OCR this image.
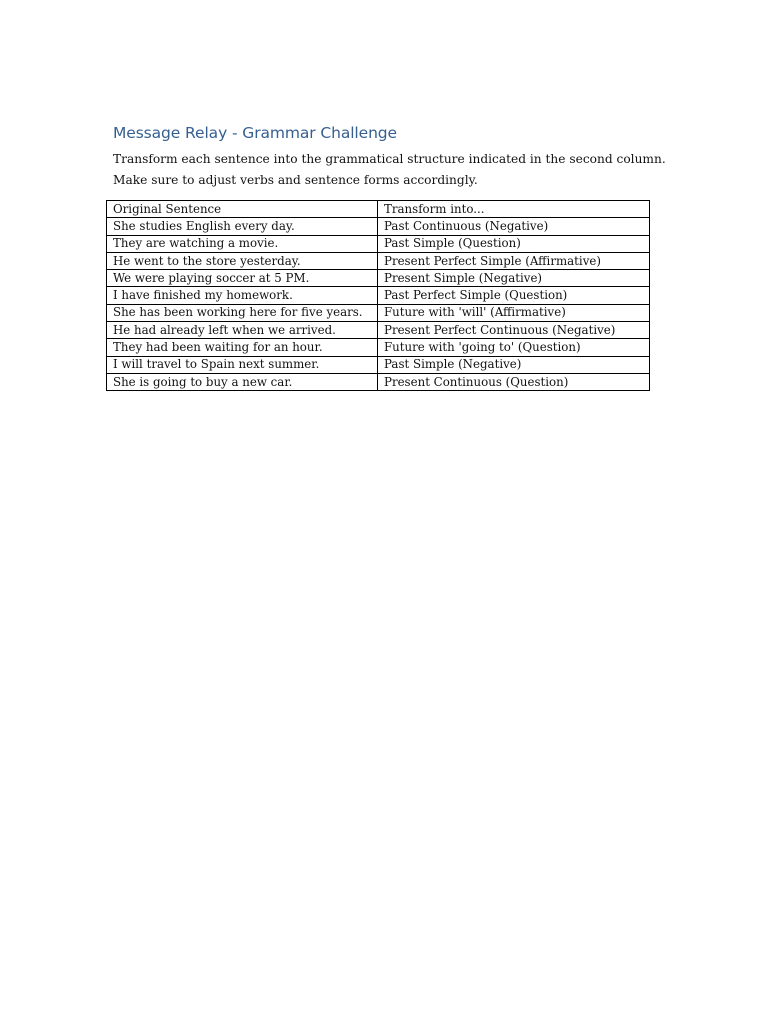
Message Relay - Grammar Challenge

Transform each sentence into the grammatical structure indicated in the second column.

Make sure to adjust verbs and sentence forms accordingly.

Original Sentence	Transform into...
She studies English every day.	Past Continuous (Negative)
They are watching a movie.	Past Simple (Question)
He went to the store yesterday.	Present Perfect Simple (Affirmative)
We were playing soccer at 5 PM.	Present Simple (Negative)
I have finished my homework.	Past Perfect Simple (Question)
She has been working here for five years.	Future with 'will' (Affirmative)
He had already left when we arrived.	Present Perfect Continuous (Negative)
They had been waiting for an hour.	Future with 'going to' (Question)
I will travel to Spain next summer.	Past Simple (Negative)
She is going to buy a new car.	Present Continuous (Question)
